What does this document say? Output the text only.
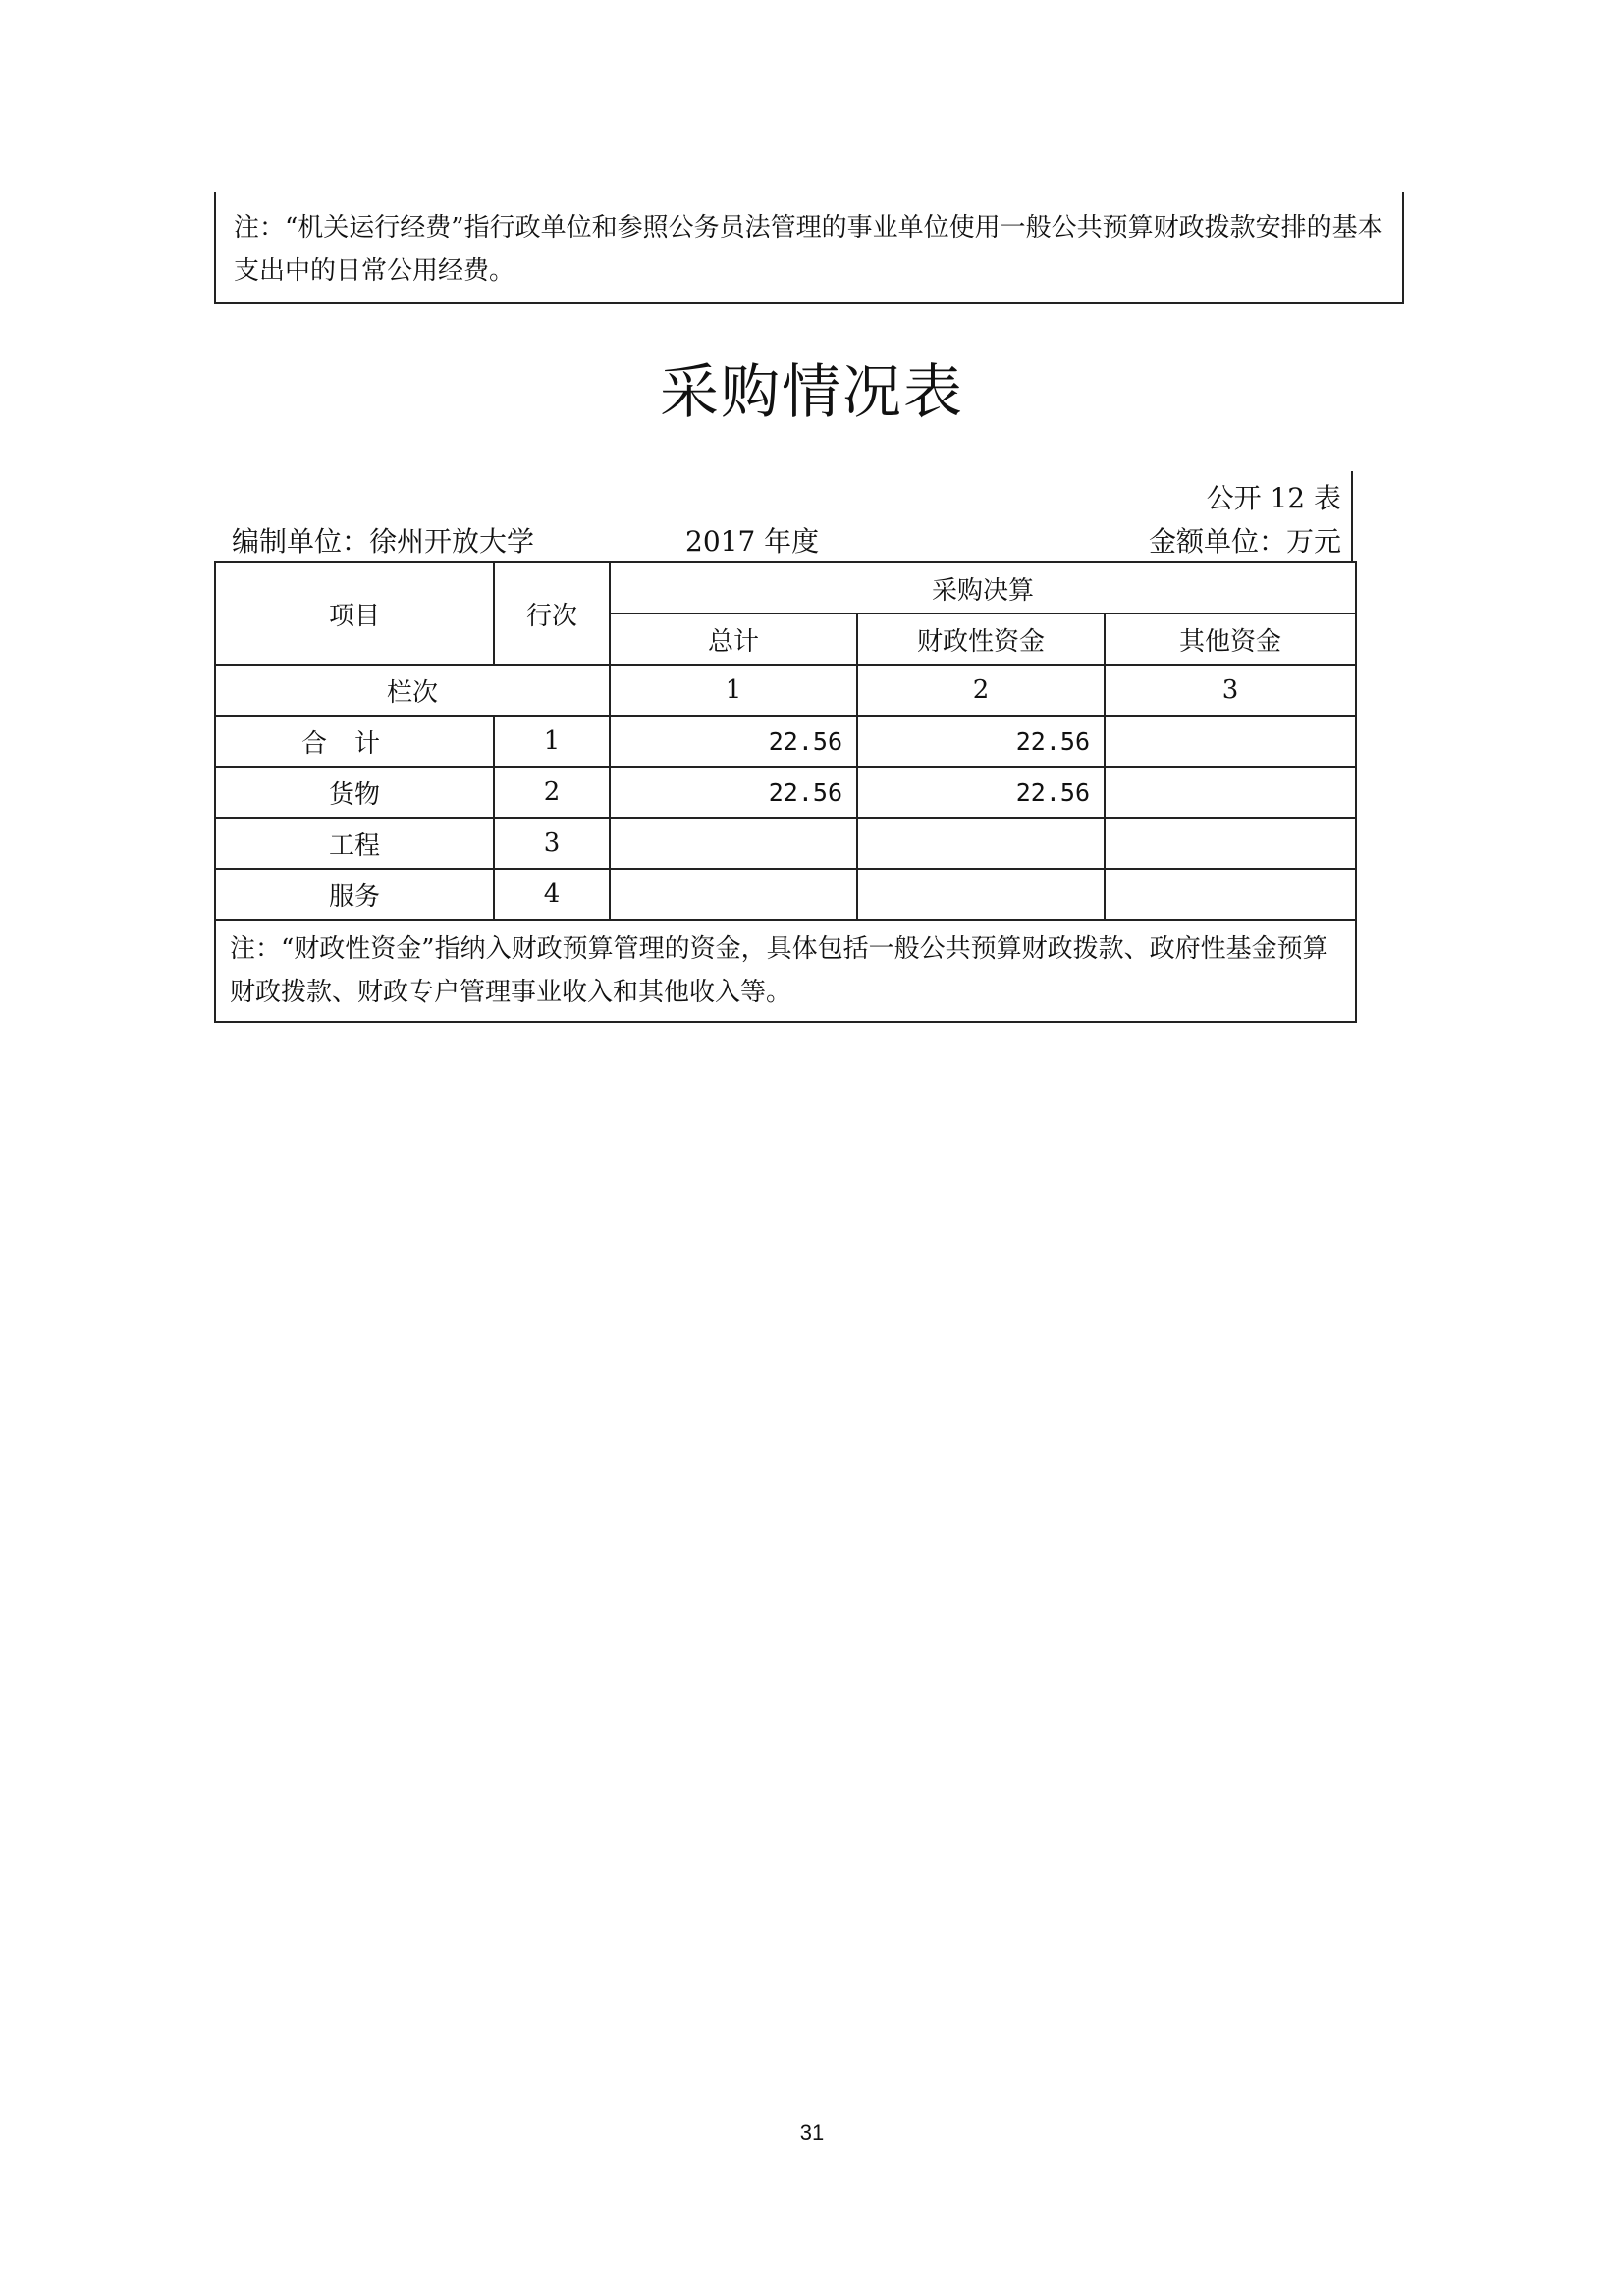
注：“机关运行经费”指行政单位和参照公务员法管理的事业单位使用一般公共预算财政拨款安排的基本支出中的日常公用经费。
采购情况表
公开 12 表
编制单位：徐州开放大学	2017 年度	金额单位：万元
项目	行次	采购决算		
		总计	财政性资金	其他资金
栏次		1	2	3
合计	1	22.56	22.56	
货物	2	22.56	22.56	
工程	3			
服务	4			
注：“财政性资金”指纳入财政预算管理的资金，具体包括一般公共预算财政拨款、政府性基金预算财政拨款、财政专户管理事业收入和其他收入等。				
31
